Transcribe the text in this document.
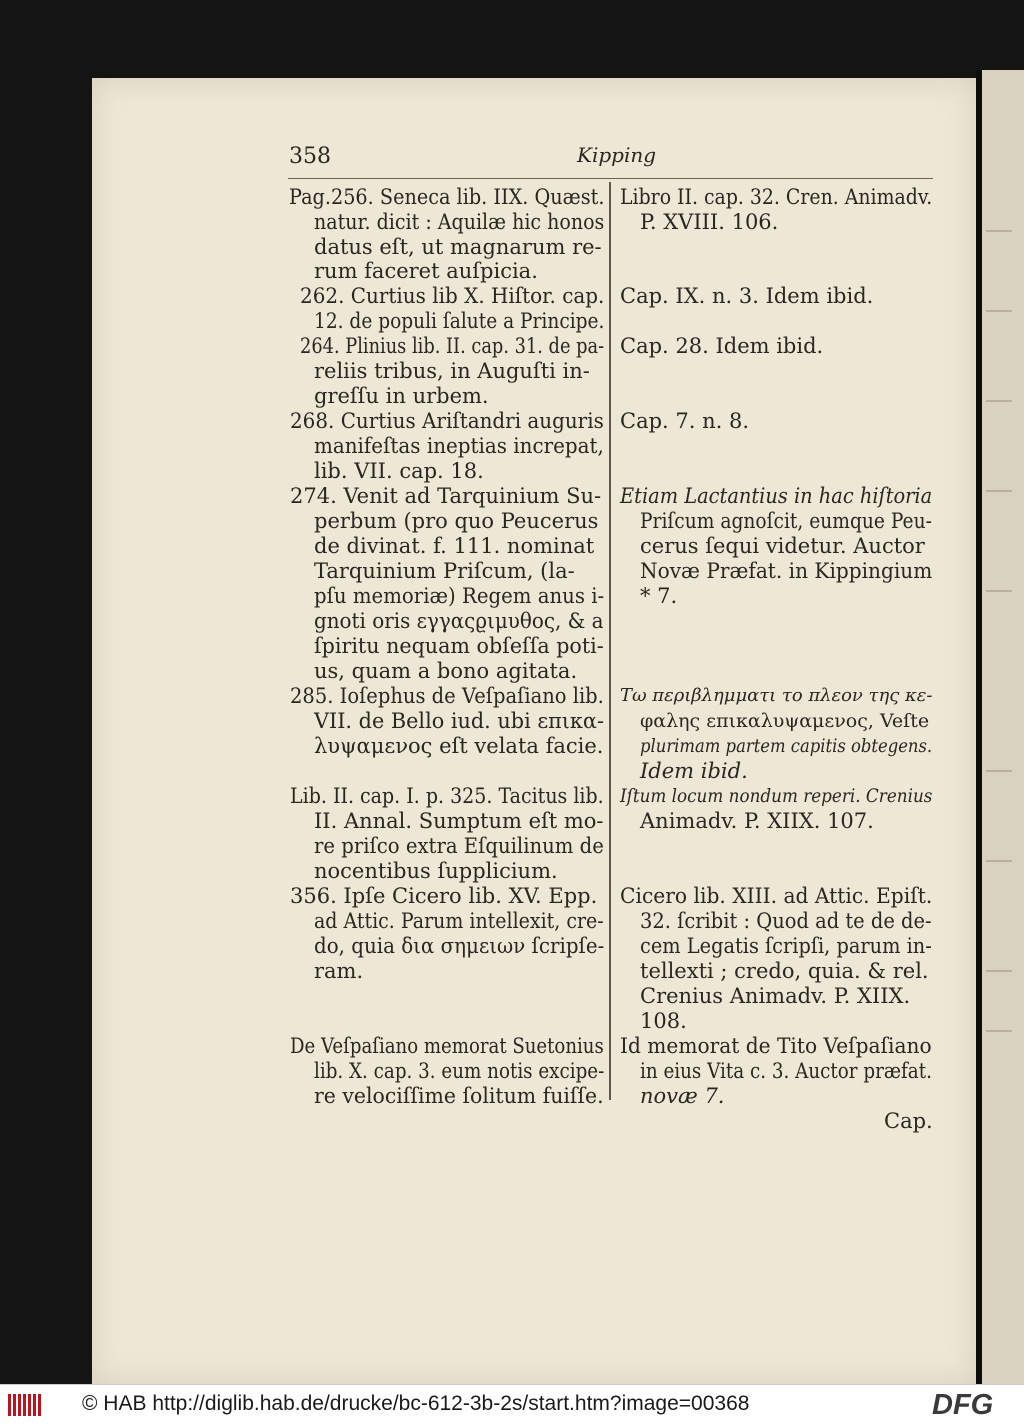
358	Kipping
Pag.256. Seneca lib. IIX. Quæst.
natur. dicit : Aquilæ hic honos
datus eſt, ut magnarum re-
rum faceret auſpicia.
262. Curtius lib X. Hiſtor. cap.
12. de populi ſalute a Principe.
264. Plinius lib. II. cap. 31. de pa-
reliis tribus, in Auguſti in-
greſſu in urbem.
268. Curtius Ariſtandri auguris
manifeſtas ineptias increpat,
lib. VII. cap. 18.
274. Venit ad Tarquinium Su-
perbum (pro quo Peucerus
de divinat. f. 111. nominat
Tarquinium Priſcum, (la-
pſu memoriæ) Regem anus i-
gnoti oris εγγαςϱιμυθος, & a
ſpiritu nequam obſeſſa poti-
us, quam a bono agitata.
285. Ioſephus de Veſpaſiano lib.
VII. de Bello iud. ubi επικα-
λυψαμενος eſt velata facie.
Lib. II. cap. I. p. 325. Tacitus lib.
II. Annal. Sumptum eſt mo-
re priſco extra Eſquilinum de
nocentibus ſupplicium.
356. Ipſe Cicero lib. XV. Epp.
ad Attic. Parum intellexit, cre-
do, quia δια σημειων ſcripſe-
ram.
De Veſpaſiano memorat Suetonius
lib. X. cap. 3. eum notis excipe-
re velociſſime ſolitum fuiſſe.
Libro II. cap. 32. Cren. Animadv.
P. XVIII. 106.
Cap. IX. n. 3. Idem ibid.
Cap. 28. Idem ibid.
Cap. 7. n. 8.
Etiam Lactantius in hac hiſtoria
Priſcum agnoſcit, eumque Peu-
cerus ſequi videtur. Auctor
Novæ Præfat. in Kippingium
* 7.
Τω περιβλημματι το πλεον της κε-
φαλης επικαλυψαμενος, Veſte
plurimam partem capitis obtegens.
Idem ibid.
Iſtum locum nondum reperi. Crenius
Animadv. P. XIIX. 107.
Cicero lib. XIII. ad Attic. Epiſt.
32. ſcribit : Quod ad te de de-
cem Legatis ſcripſi, parum in-
tellexti ; credo, quia. & rel.
Crenius Animadv. P. XIIX.
108.
Id memorat de Tito Veſpaſiano
in eius Vita c. 3. Auctor præfat.
novæ 7.
Cap.
© HAB http://diglib.hab.de/drucke/bc-612-3b-2s/start.htm?image=00368	DFG
